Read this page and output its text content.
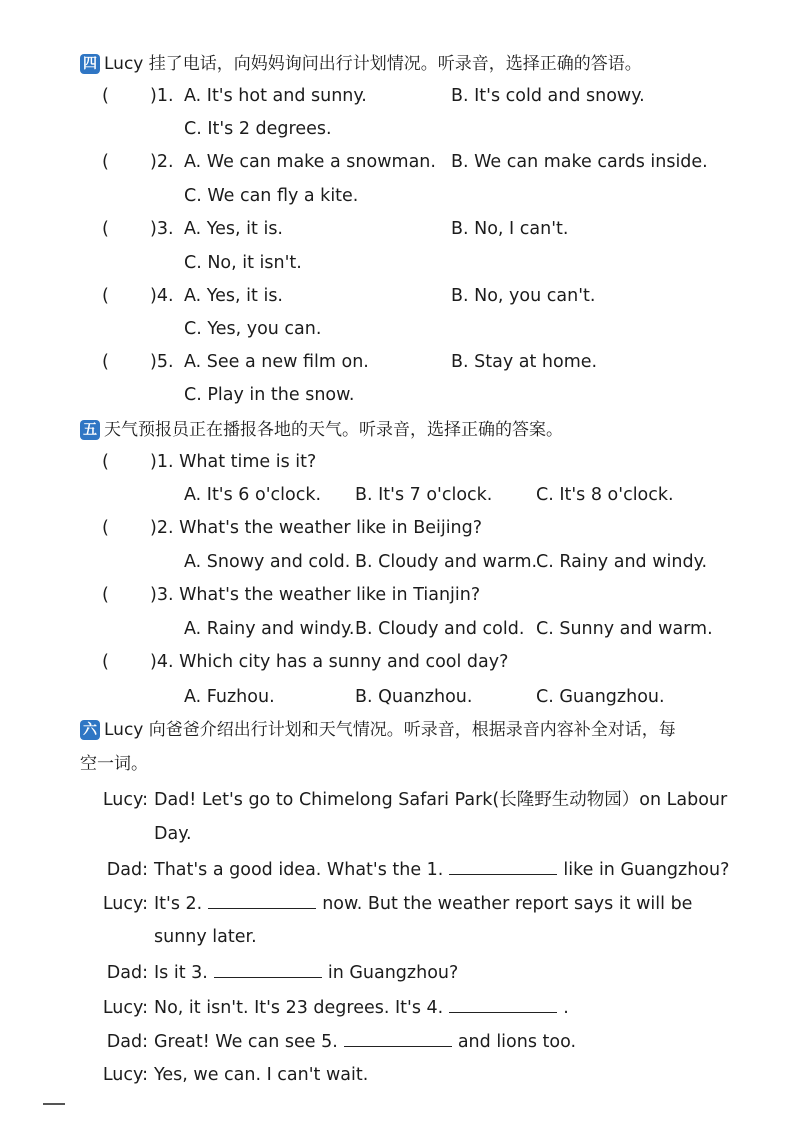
四 Lucy 挂了电话，向妈妈询问出行计划情况。听录音，选择正确的答语。
( )1. A. It's hot and sunny.	B. It's cold and snowy.
C. It's 2 degrees.
( )2. A. We can make a snowman. B. We can make cards inside.
C. We can fly a kite.
( )3. A. Yes, it is.	B. No, I can't.
C. No, it isn't.
( )4. A. Yes, it is.	B. No, you can't.
C. Yes, you can.
( )5. A. See a new film on.	B. Stay at home.
C. Play in the snow.
五 天气预报员正在播报各地的天气。听录音，选择正确的答案。
( )1. What time is it?
A. It's 6 o'clock. B. It's 7 o'clock. C. It's 8 o'clock.
( )2. What's the weather like in Beijing?
A. Snowy and cold. B. Cloudy and warm.
C. Rainy and windy.
( )3. What's the weather like in Tianjin?
A. Rainy and windy. B. Cloudy and cold. C. Sunny and warm.
( )4. Which city has a sunny and cool day?
A. Fuzhou.	B. Quanzhou.	C. Guangzhou.
六 Lucy 向爸爸介绍出行计划和天气情况。听录音，根据录音内容补全对话，每
空一词。
Lucy: Dad! Let's go to Chimelong Safari Park(长隆野生动物园）on Labour
Day.
Dad: That's a good idea. What's the 1.	like in Guangzhou?
Lucy: It's 2.	now. But the weather report says it will be
sunny later.
Dad: Is it 3.	in Guangzhou?
Lucy: No, it isn't. It's 23 degrees. It's 4.	.
Dad: Great! We can see 5.	and lions too.
Lucy: Yes, we can. I can't wait.
